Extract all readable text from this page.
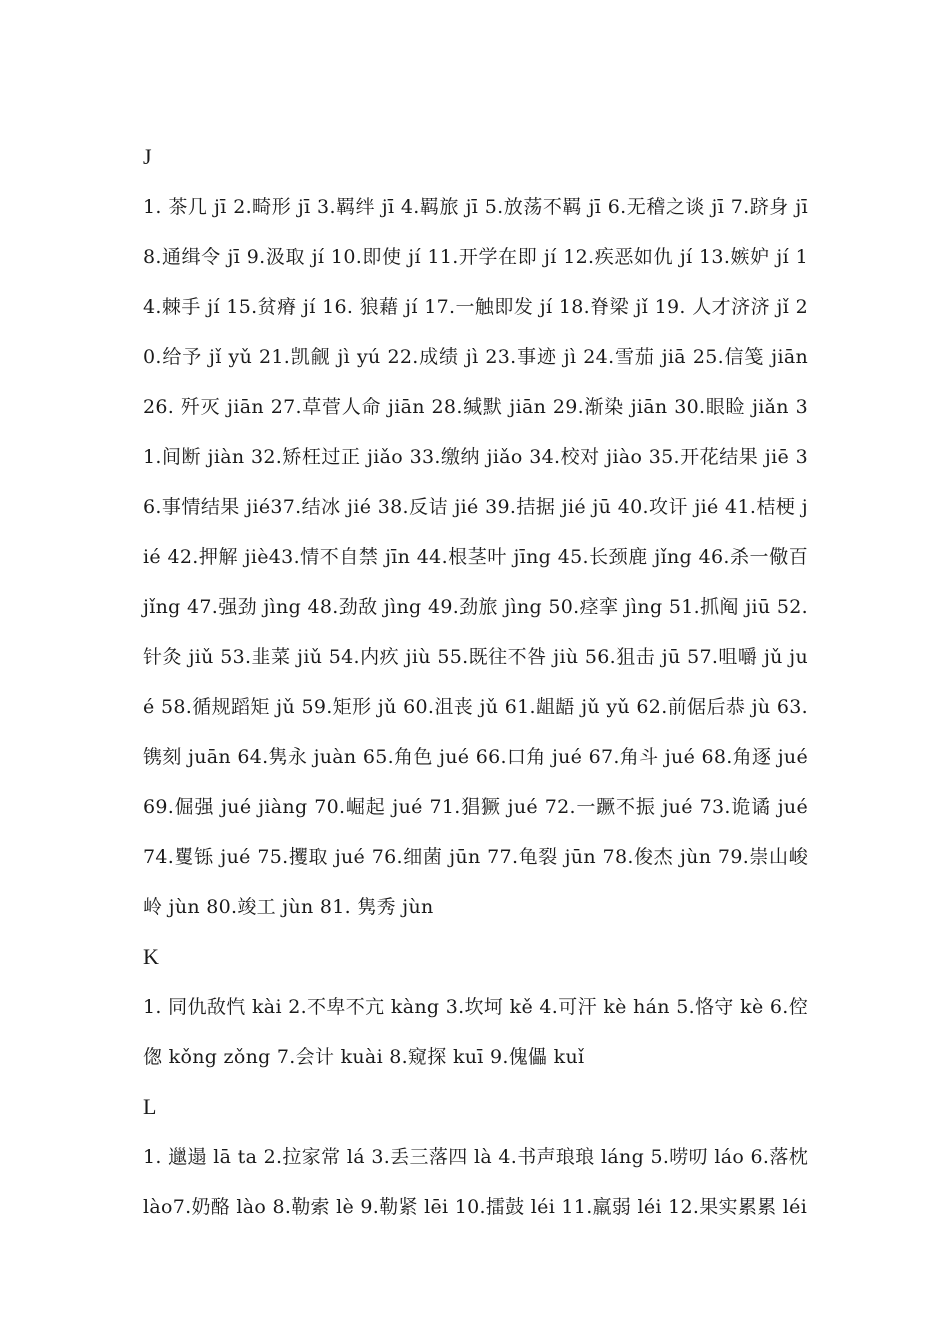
J

1. 茶几 jī 2.畸形 jī 3.羁绊 jī 4.羁旅 jī 5.放荡不羁 jī 6.无稽之谈 jī 7.跻身 jī 8.通缉令 jī 9.汲取 jí 10.即使 jí 11.开学在即 jí 12.疾恶如仇 jí 13.嫉妒 jí 14.棘手 jí 15.贫瘠 jí 16. 狼藉 jí 17.一触即发 jí 18.脊梁 jǐ 19. 人才济济 jǐ 20.给予 jǐ yǔ 21.凯觎 jì yú 22.成绩 jì 23.事迹 jì 24.雪茄 jiā 25.信笺 jiān 26. 歼灭 jiān 27.草菅人命 jiān 28.缄默 jiān 29.渐染 jiān 30.眼睑 jiǎn 31.间断 jiàn 32.矫枉过正 jiǎo 33.缴纳 jiǎo 34.校对 jiào 35.开花结果 jiē 36.事情结果 jié37.结冰 jié 38.反诘 jié 39.拮据 jié jū 40.攻讦 jié 41.桔梗 jié 42.押解 jiè43.情不自禁 jīn 44.根茎叶 jīng 45.长颈鹿 jǐng 46.杀一儆百 jǐng 47.强劲 jìng 48.劲敌 jìng 49.劲旅 jìng 50.痉挛 jìng 51.抓阄 jiū 52.针灸 jiǔ 53.韭菜 jiǔ 54.内疚 jiù 55.既往不咎 jiù 56.狙击 jū 57.咀嚼 jǔ jué 58.循规蹈矩 jǔ 59.矩形 jǔ 60.沮丧 jǔ 61.龃龉 jǔ yǔ 62.前倨后恭 jù 63.镌刻 juān 64.隽永 juàn 65.角色 jué 66.口角 jué 67.角斗 jué 68.角逐 jué 69.倔强 jué jiàng 70.崛起 jué 71.猖獗 jué 72.一蹶不振 jué 73.诡谲 jué 74.矍铄 jué 75.攫取 jué 76.细菌 jūn 77.龟裂 jūn 78.俊杰 jùn 79.崇山峻岭 jùn 80.竣工 jùn 81. 隽秀 jùn

K

1. 同仇敌忾 kài 2.不卑不亢 kàng 3.坎坷 kě 4.可汗 kè hán 5.恪守 kè 6.倥偬 kǒng zǒng 7.会计 kuài 8.窥探 kuī 9.傀儡 kuǐ

L

1. 邋遢 lā ta 2.拉家常 lá 3.丢三落四 là 4.书声琅琅 láng 5.唠叨 láo 6.落枕 lào7.奶酪 lào 8.勒索 lè 9.勒紧 lēi 10.擂鼓 léi 11.羸弱 léi 12.果实累累 léi
